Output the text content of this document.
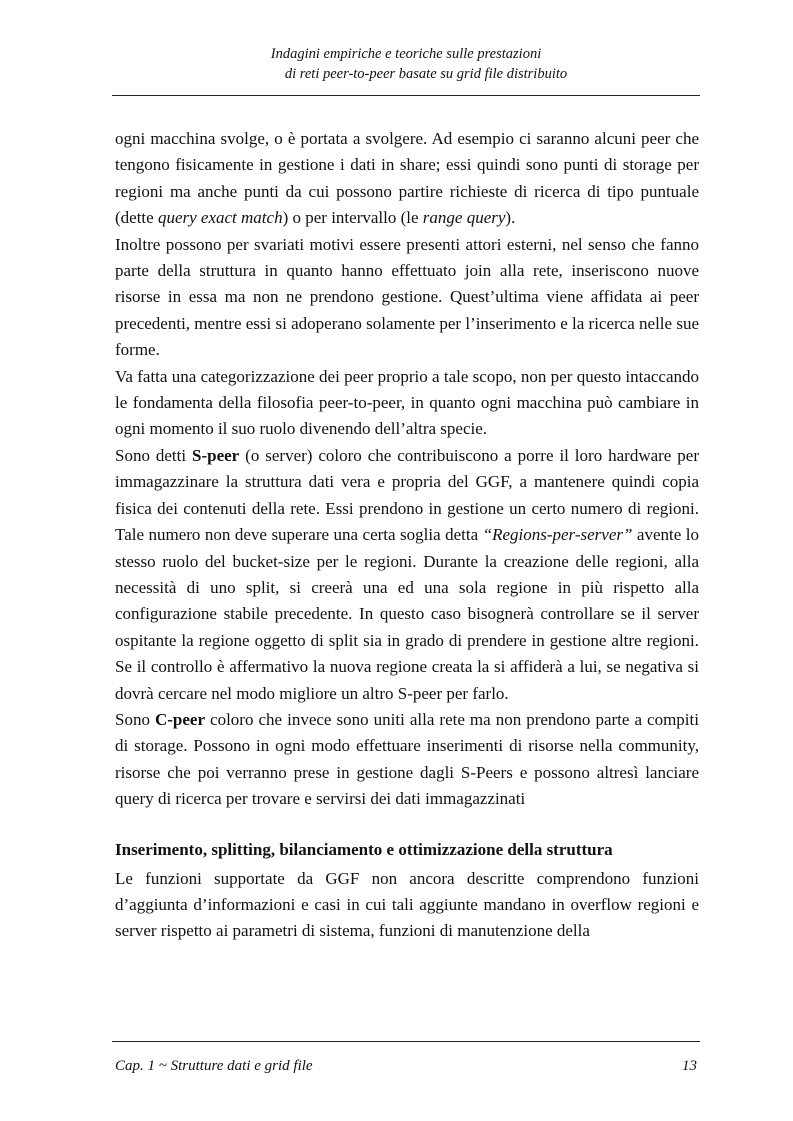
Indagini empiriche e teoriche sulle prestazioni
di reti peer-to-peer basate su grid file distribuito

ogni macchina svolge, o è portata a svolgere. Ad esempio ci saranno alcuni peer che tengono fisicamente in gestione i dati in share; essi quindi sono punti di storage per regioni ma anche punti da cui possono partire richieste di ricerca di tipo puntuale (dette query exact match) o per intervallo (le range query).

Inoltre possono per svariati motivi essere presenti attori esterni, nel senso che fanno parte della struttura in quanto hanno effettuato join alla rete, inseriscono nuove risorse in essa ma non ne prendono gestione. Quest’ultima viene affidata ai peer precedenti, mentre essi si adoperano solamente per l’inserimento e la ricerca nelle sue forme.

Va fatta una categorizzazione dei peer proprio a tale scopo, non per questo intaccando le fondamenta della filosofia peer-to-peer, in quanto ogni macchina può cambiare in ogni momento il suo ruolo divenendo dell’altra specie.

Sono detti S-peer (o server) coloro che contribuiscono a porre il loro hardware per immagazzinare la struttura dati vera e propria del GGF, a mantenere quindi copia fisica dei contenuti della rete. Essi prendono in gestione un certo numero di regioni. Tale numero non deve superare una certa soglia detta “Regions-per-server” avente lo stesso ruolo del bucket-size per le regioni. Durante la creazione delle regioni, alla necessità di uno split, si creerà una ed una sola regione in più rispetto alla configurazione stabile precedente. In questo caso bisognerà controllare se il server ospitante la regione oggetto di split sia in grado di prendere in gestione altre regioni. Se il controllo è affermativo la nuova regione creata la si affiderà a lui, se negativa si dovrà cercare nel modo migliore un altro S-peer per farlo.

Sono C-peer coloro che invece sono uniti alla rete ma non prendono parte a compiti di storage. Possono in ogni modo effettuare inserimenti di risorse nella community, risorse che poi verranno prese in gestione dagli S-Peers e possono altresì lanciare query di ricerca per trovare e servirsi dei dati immagazzinati

Inserimento, splitting, bilanciamento e ottimizzazione della struttura

Le funzioni supportate da GGF non ancora descritte comprendono funzioni d’aggiunta d’informazioni e casi in cui tali aggiunte mandano in overflow regioni e server rispetto ai parametri di sistema, funzioni di manutenzione della

Cap. 1 ~ Strutture dati e grid file	13
